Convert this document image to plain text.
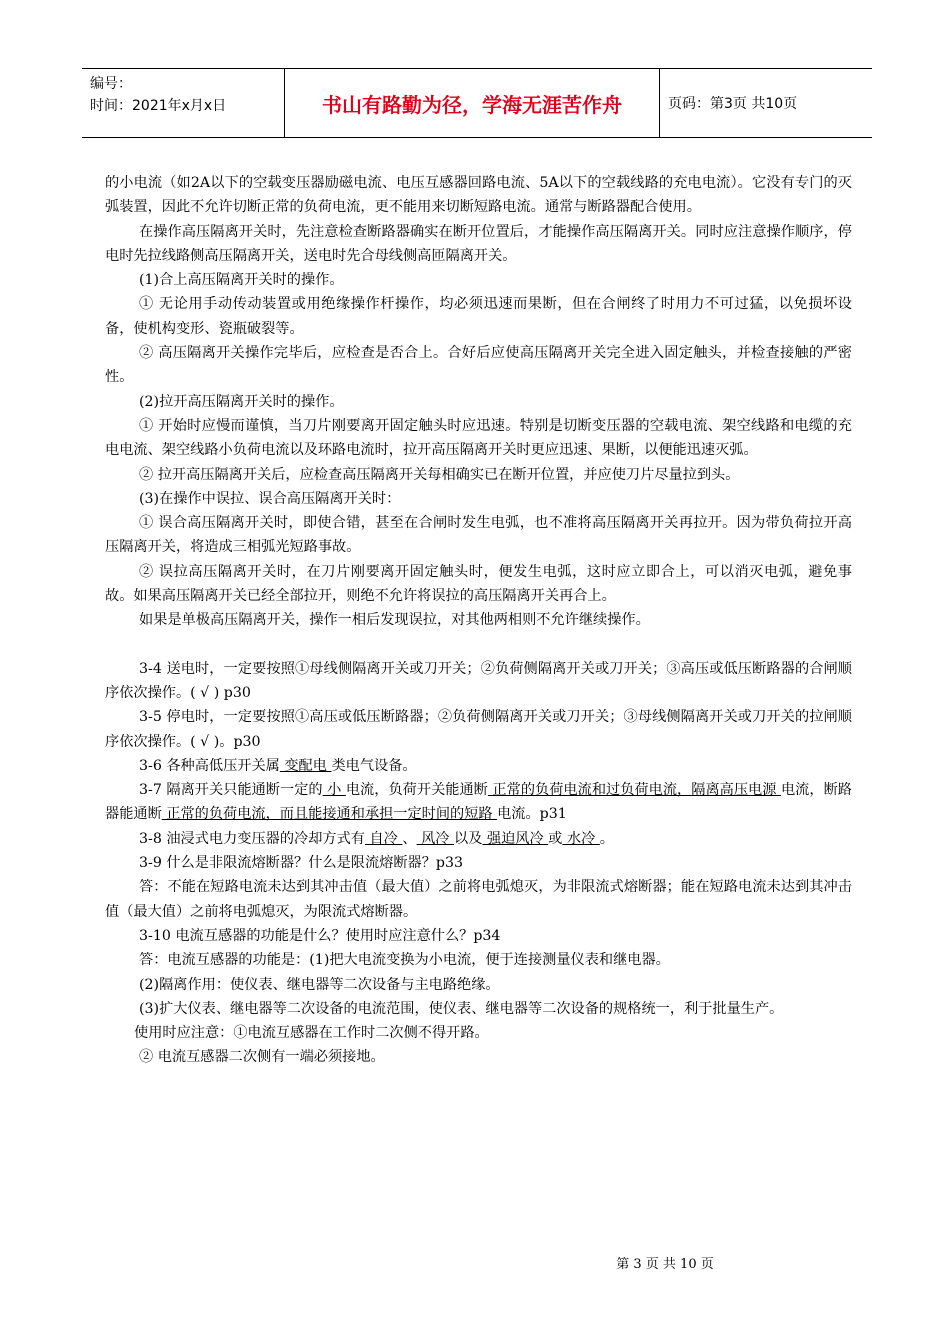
编号：
时间：2021年x月x日	书山有路勤为径，学海无涯苦作舟	页码：第3页 共10页

的小电流（如2A以下的空载变压器励磁电流、电压互感器回路电流、5A以下的空载线路的充电电流）。它没有专门的灭弧装置，因此不允许切断正常的负荷电流，更不能用来切断短路电流。通常与断路器配合使用。

在操作高压隔离开关时，先注意检查断路器确实在断开位置后，才能操作高压隔离开关。同时应注意操作顺序，停电时先拉线路侧高压隔离开关，送电时先合母线侧高匝隔离开关。

(1)合上高压隔离开关时的操作。

① 无论用手动传动装置或用绝缘操作杆操作，均必须迅速而果断，但在合闸终了时用力不可过猛，以免损坏设备，使机构变形、瓷瓶破裂等。

② 高压隔离开关操作完毕后，应检查是否合上。合好后应使高压隔离开关完全进入固定触头，并检查接触的严密性。

(2)拉开高压隔离开关时的操作。

① 开始时应慢而谨慎，当刀片刚要离开固定触头时应迅速。特别是切断变压器的空载电流、架空线路和电缆的充电电流、架空线路小负荷电流以及环路电流时，拉开高压隔离开关时更应迅速、果断，以便能迅速灭弧。

② 拉开高压隔离开关后，应检查高压隔离开关每相确实已在断开位置，并应使刀片尽量拉到头。

(3)在操作中误拉、误合高压隔离开关时：

① 误合高压隔离开关时，即使合错，甚至在合闸时发生电弧，也不准将高压隔离开关再拉开。因为带负荷拉开高压隔离开关，将造成三相弧光短路事故。

② 误拉高压隔离开关时，在刀片刚要离开固定触头时，便发生电弧，这时应立即合上，可以消灭电弧，避免事故。如果高压隔离开关已经全部拉开，则绝不允许将误拉的高压隔离开关再合上。

如果是单极高压隔离开关，操作一相后发现误拉，对其他两相则不允许继续操作。

3-4 送电时，一定要按照①母线侧隔离开关或刀开关；②负荷侧隔离开关或刀开关；③高压或低压断路器的合闸顺序依次操作。( √ ) p30

3-5 停电时，一定要按照①高压或低压断路器；②负荷侧隔离开关或刀开关；③母线侧隔离开关或刀开关的拉闸顺序依次操作。( √ )。p30

3-6 各种高低压开关属 变配电 类电气设备。

3-7 隔离开关只能通断一定的 小 电流，负荷开关能通断 正常的负荷电流和过负荷电流，隔离高压电源 电流，断路器能通断 正常的负荷电流，而且能接通和承担一定时间的短路 电流。p31

3-8 油浸式电力变压器的冷却方式有 自冷 、 风冷 以及 强迫风冷 或 水冷 。

3-9 什么是非限流熔断器？什么是限流熔断器？p33

答：不能在短路电流未达到其冲击值（最大值）之前将电弧熄灭，为非限流式熔断器；能在短路电流未达到其冲击值（最大值）之前将电弧熄灭，为限流式熔断器。

3-10 电流互感器的功能是什么？使用时应注意什么？p34

答：电流互感器的功能是：(1)把大电流变换为小电流，便于连接测量仪表和继电器。

(2)隔离作用：使仪表、继电器等二次设备与主电路绝缘。

(3)扩大仪表、继电器等二次设备的电流范围，使仪表、继电器等二次设备的规格统一，利于批量生产。

使用时应注意：①电流互感器在工作时二次侧不得开路。

② 电流互感器二次侧有一端必须接地。

第 3 页 共 10 页
